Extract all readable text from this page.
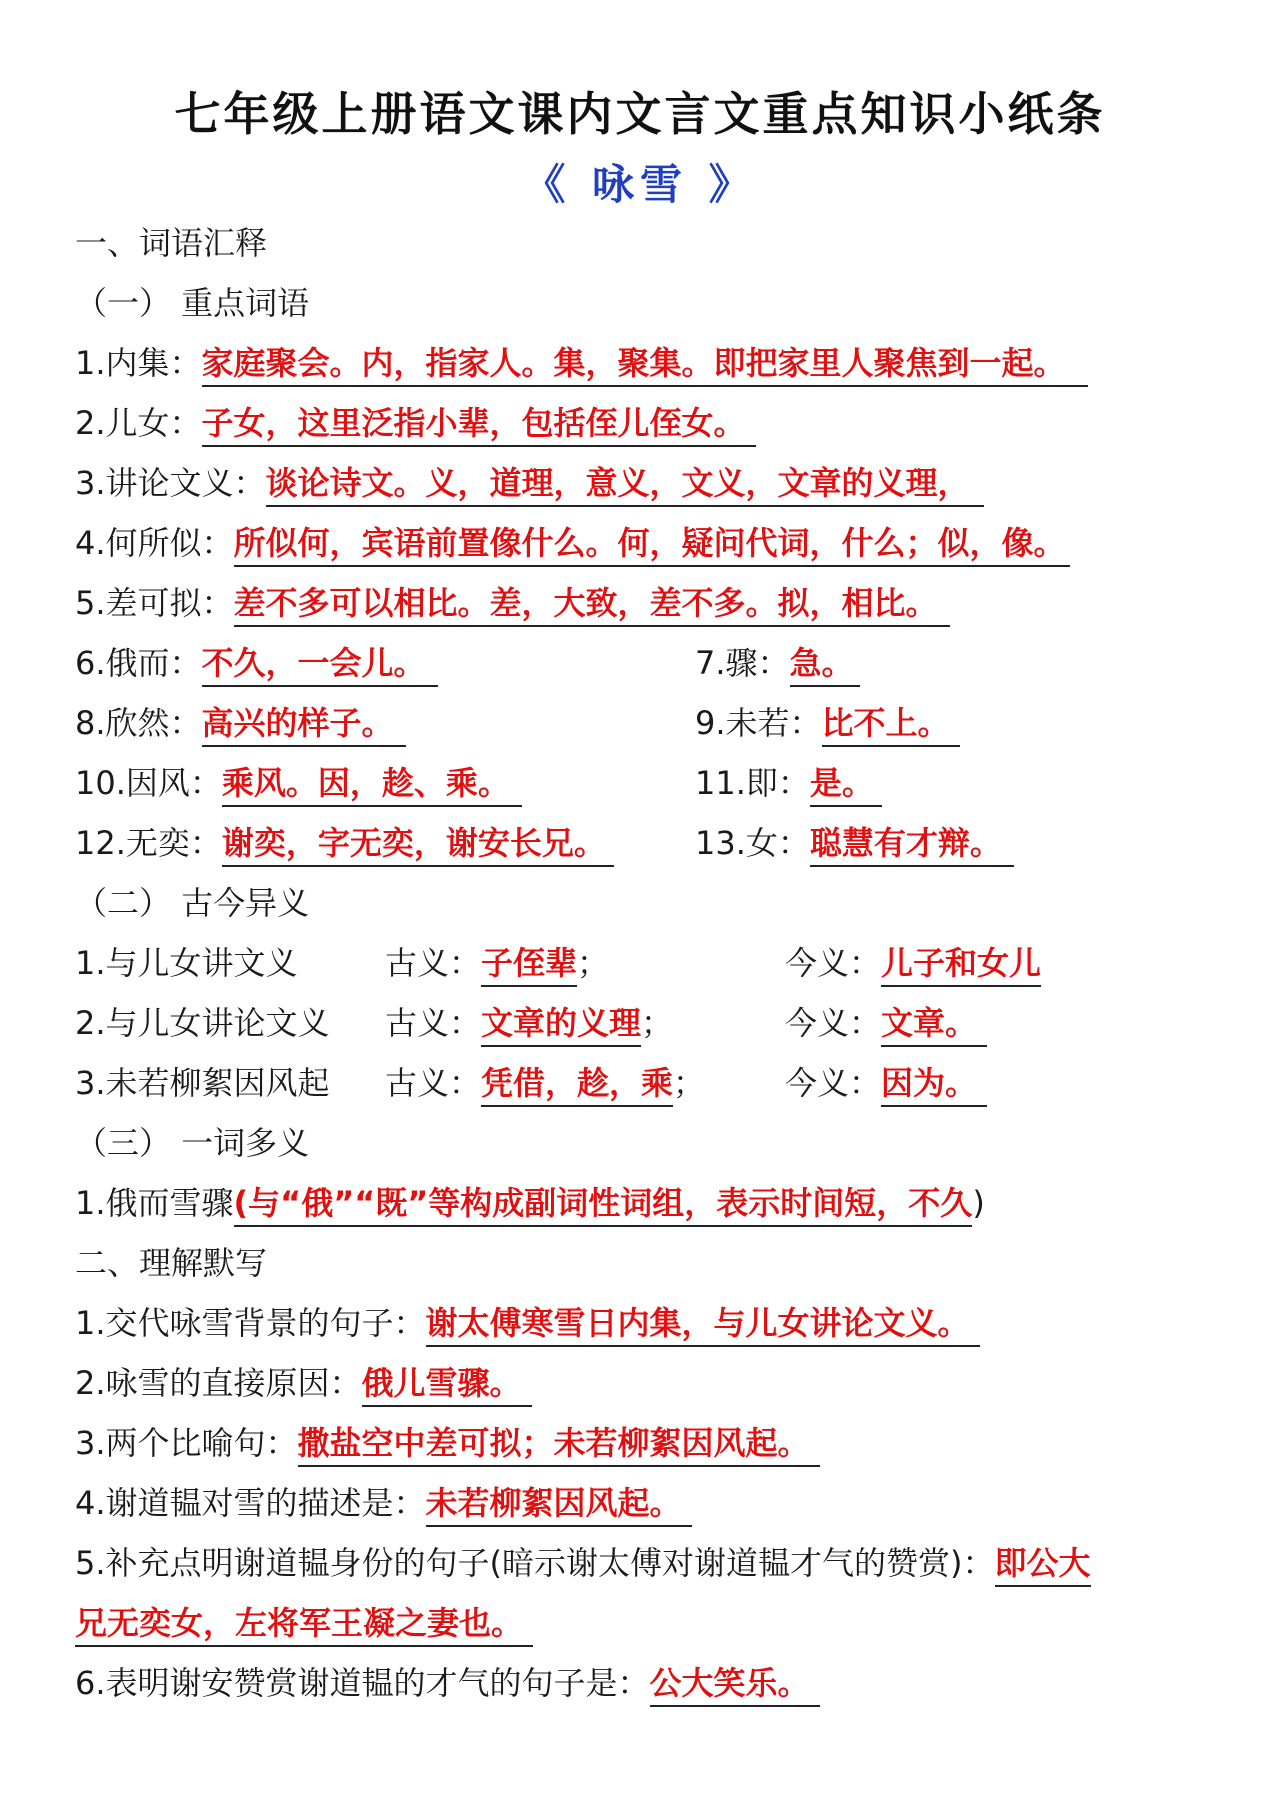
七年级上册语文课内文言文重点知识小纸条
《 咏雪 》
一、词语汇释
（一） 重点词语
1.内集：家庭聚会。内，指家人。集，聚集。即把家里人聚焦到一起。
2.儿女：子女，这里泛指小辈，包括侄儿侄女。
3.讲论文义：谈论诗文。义，道理，意义，文义，文章的义理，
4.何所似：所似何，宾语前置像什么。何，疑问代词，什么；似，像。
5.差可拟：差不多可以相比。差，大致，差不多。拟，相比。
6.俄而：不久，一会儿。	7.骤：急。
8.欣然：高兴的样子。	9.未若：比不上。
10.因风：乘风。因，趁、乘。	11.即：是。
12.无奕：谢奕，字无奕，谢安长兄。	13.女：聪慧有才辩。
（二） 古今异义
1.与儿女讲文义	古义：子侄辈；	今义：儿子和女儿
2.与儿女讲论文义 古义：文章的义理；	今义：文章。
3.未若柳絮因风起 古义：凭借，趁，乘； 今义：因为。
（三） 一词多义
1.俄而雪骤(与“俄”“既”等构成副词性词组，表示时间短，不久)
二、理解默写
1.交代咏雪背景的句子：谢太傅寒雪日内集，与儿女讲论文义。
2.咏雪的直接原因：俄儿雪骤。
3.两个比喻句：撒盐空中差可拟；未若柳絮因风起。
4.谢道韫对雪的描述是：未若柳絮因风起。
5.补充点明谢道韫身份的句子(暗示谢太傅对谢道韫才气的赞赏)：即公大
兄无奕女，左将军王凝之妻也。
6.表明谢安赞赏谢道韫的才气的句子是：公大笑乐。
